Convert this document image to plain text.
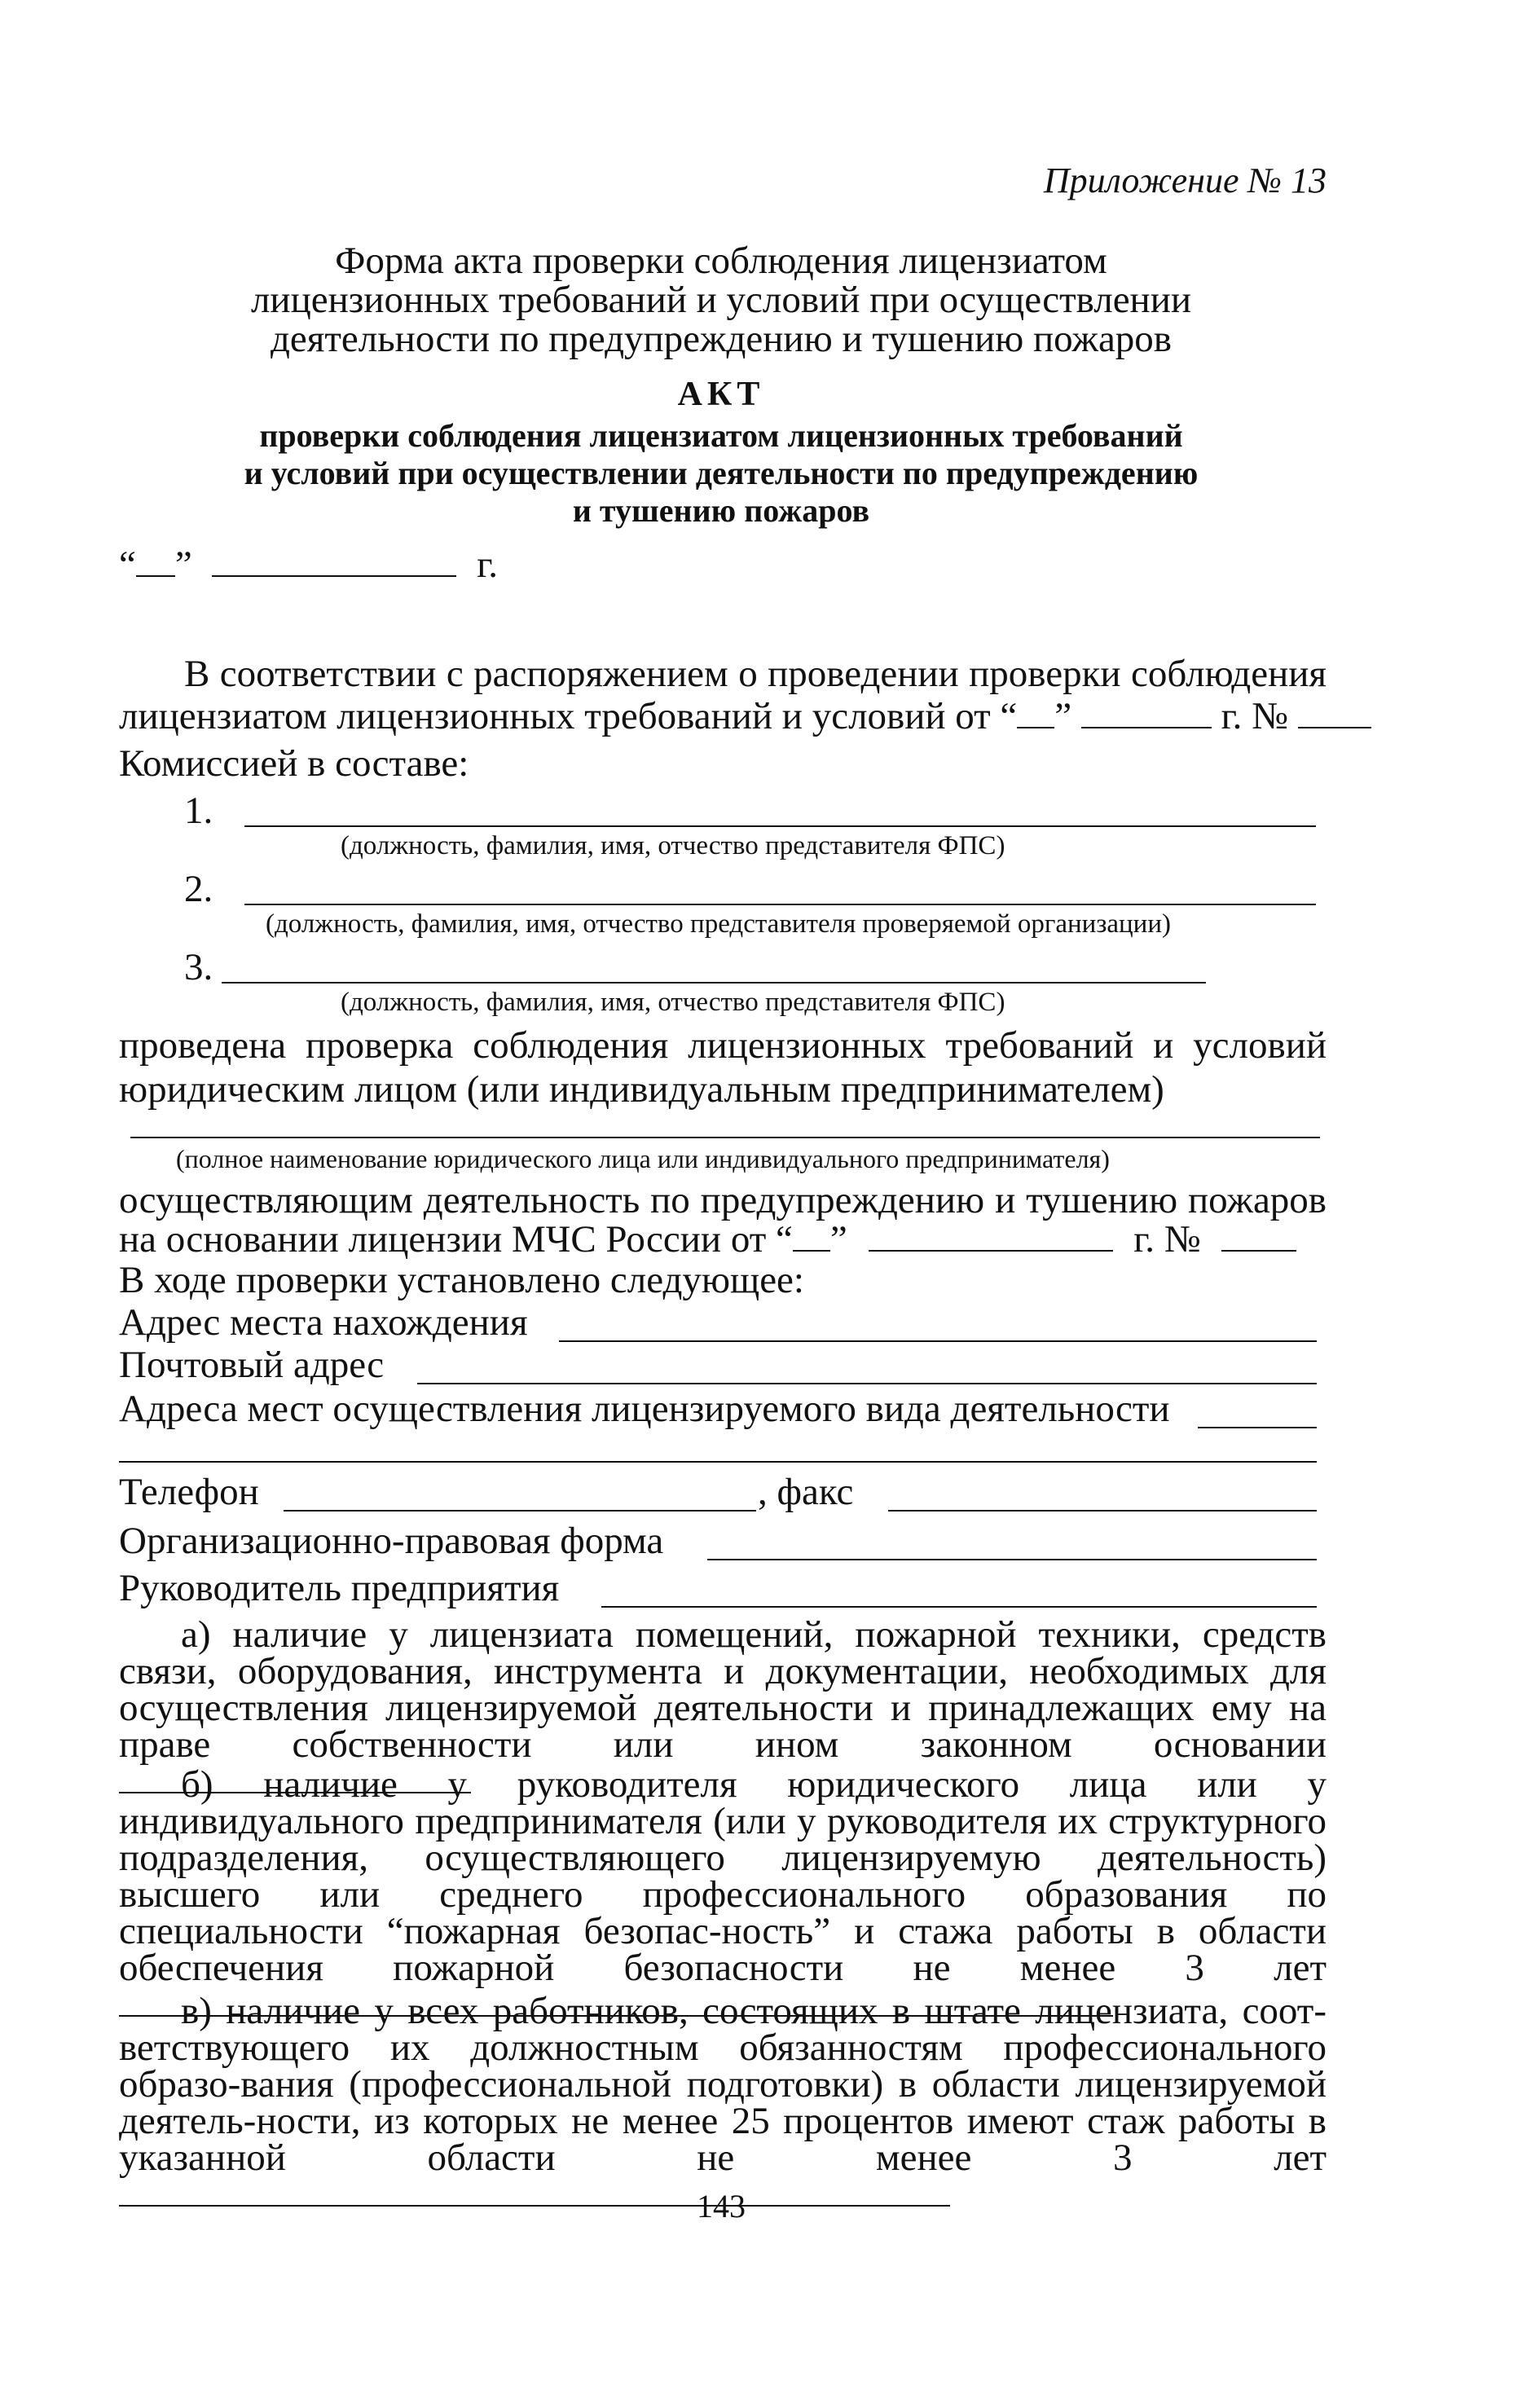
Приложение № 13
Форма акта проверки соблюдения лицензиатом
лицензионных требований и условий при осуществлении
деятельности по предупреждению и тушению пожаров
АКТ
проверки соблюдения лицензиатом лицензионных требований
и условий при осуществлении деятельности по предупреждению
и тушению пожаров
“ ”	г.
В соответствии с распоряжением о проведении проверки соблюдения
лицензиатом лицензионных требований и условий от “ ”	г. №
Комиссией в составе:
1.
(должность, фамилия, имя, отчество представителя ФПС)
2.
(должность, фамилия, имя, отчество представителя проверяемой организации)
3.
(должность, фамилия, имя, отчество представителя ФПС)
проведена проверка соблюдения лицензионных требований и условий
юридическим лицом (или индивидуальным предпринимателем)
(полное наименование юридического лица или индивидуального предпринимателя)
осуществляющим деятельность по предупреждению и тушению пожаров
на основании лицензии МЧС России от “ ”	г. №
В ходе проверки установлено следующее:
Адрес места нахождения
Почтовый адрес
Адреса мест осуществления лицензируемого вида деятельности
Телефон	, факс
Организационно-правовая форма
Руководитель предприятия
а) наличие у лицензиата помещений, пожарной техники, средств связи, оборудования, инструмента и документации, необходимых для осуществления лицензируемой деятельности и принадлежащих ему на праве собственности или ином законном основании
б) наличие у руководителя юридического лица или у индивидуального предпринимателя (или у руководителя их структурного подразделения, осуществляющего лицензируемую деятельность) высшего или среднего профессионального образования по специальности “пожарная безопас-ность” и стажа работы в области обеспечения пожарной безопасности не менее 3 лет
в) наличие у всех работников, состоящих в штате лицензиата, соот-ветствующего их должностным обязанностям профессионального образо-вания (профессиональной подготовки) в области лицензируемой деятель-ности, из которых не менее 25 процентов имеют стаж работы в указанной области не менее 3 лет
143
